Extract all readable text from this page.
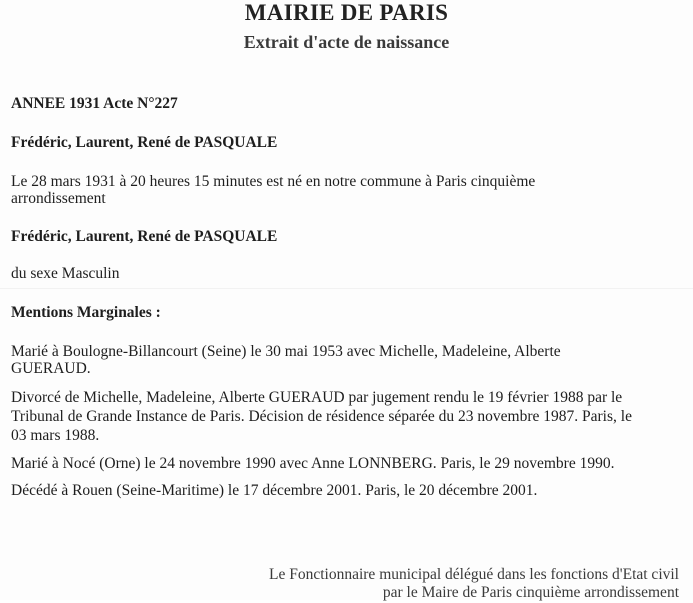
MAIRIE DE PARIS
Extrait d'acte de naissance
ANNEE 1931 Acte N°227
Frédéric, Laurent, René de PASQUALE
Le 28 mars 1931 à 20 heures 15 minutes est né en notre commune à Paris cinquième
arrondissement
Frédéric, Laurent, René de PASQUALE
du sexe Masculin
Mentions Marginales :
Marié à Boulogne-Billancourt (Seine) le 30 mai 1953 avec Michelle, Madeleine, Alberte
GUERAUD.
Divorcé de Michelle, Madeleine, Alberte GUERAUD par jugement rendu le 19 février 1988 par le
Tribunal de Grande Instance de Paris. Décision de résidence séparée du 23 novembre 1987. Paris, le
03 mars 1988.
Marié à Nocé (Orne) le 24 novembre 1990 avec Anne LONNBERG. Paris, le 29 novembre 1990.
Décédé à Rouen (Seine-Maritime) le 17 décembre 2001. Paris, le 20 décembre 2001.
Le Fonctionnaire municipal délégué dans les fonctions d'Etat civil
par le Maire de Paris cinquième arrondissement
